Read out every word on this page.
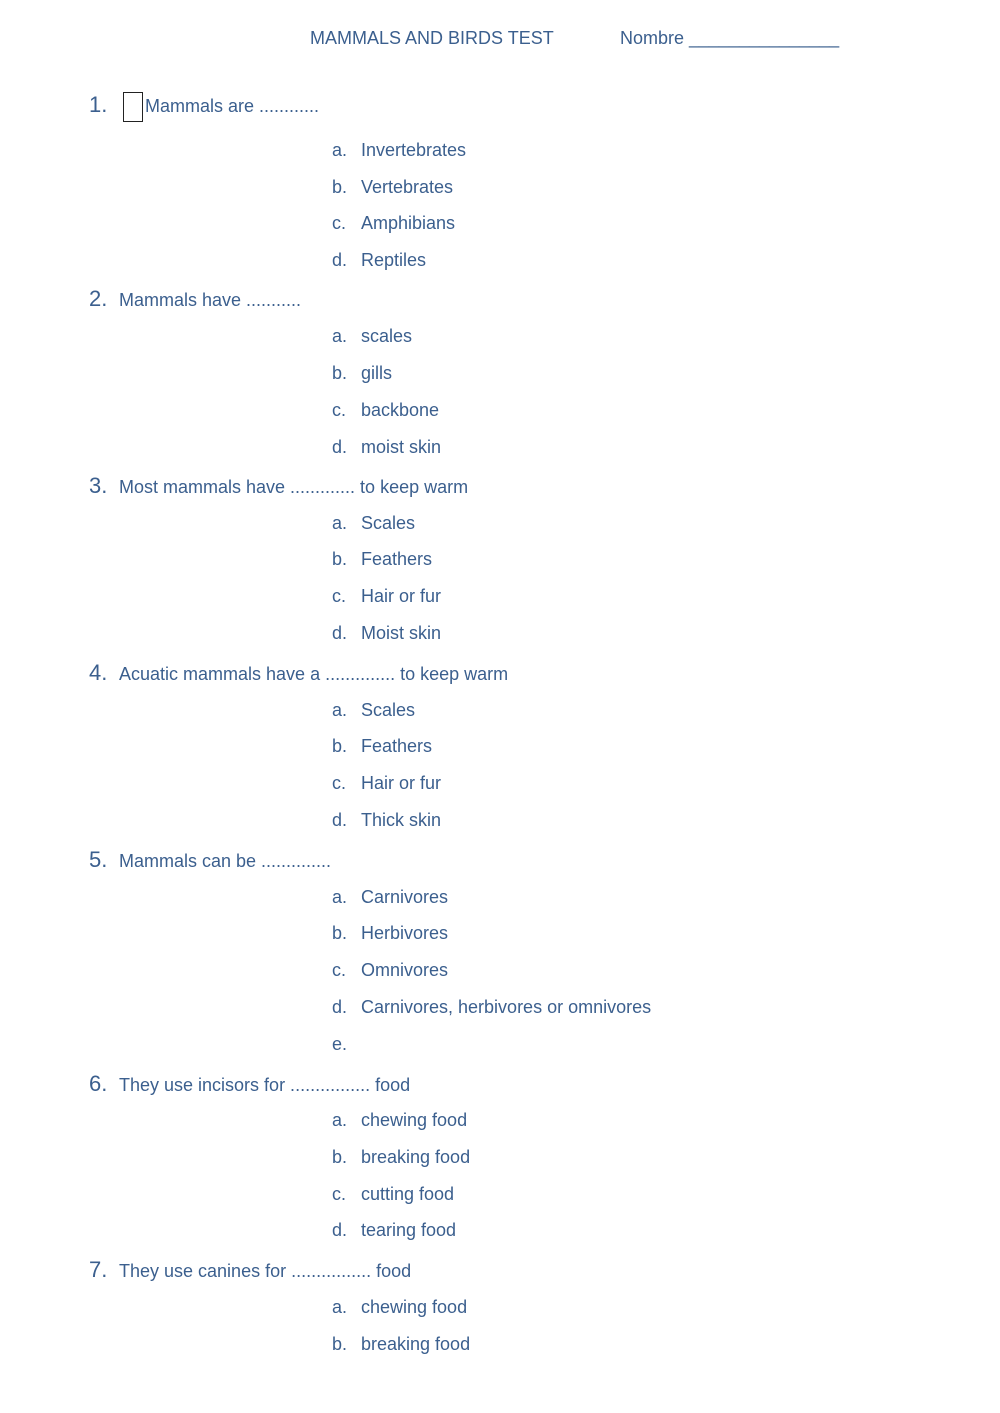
MAMMALS AND BIRDS TEST	Nombre _______________
1. Mammals are ............
a. Invertebrates
b. Vertebrates
c. Amphibians
d. Reptiles
2. Mammals have ...........
a. scales
b. gills
c. backbone
d. moist skin
3. Most mammals have ............. to keep warm
a. Scales
b. Feathers
c. Hair or fur
d. Moist skin
4. Acuatic mammals have a .............. to keep warm
a. Scales
b. Feathers
c. Hair or fur
d. Thick skin
5. Mammals can be ..............
a. Carnivores
b. Herbivores
c. Omnivores
d. Carnivores, herbivores or omnivores
e.
6. They use incisors for ................ food
a. chewing food
b. breaking food
c. cutting food
d. tearing food
7. They use canines for ................ food
a. chewing food
b. breaking food
